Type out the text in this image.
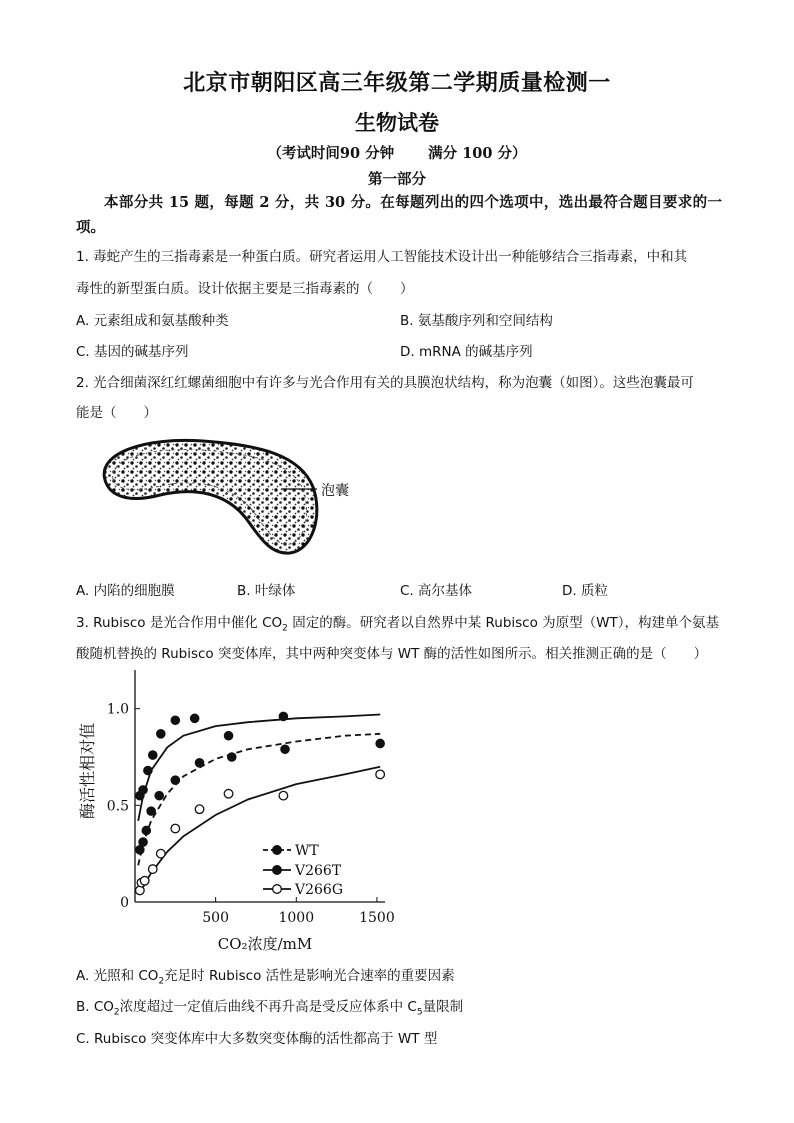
北京市朝阳区高三年级第二学期质量检测一
生物试卷
（考试时间90 分钟 满分 100 分）
第一部分
本部分共 15 题，每题 2 分，共 30 分。在每题列出的四个选项中，选出最符合题目要求的一项。
1. 毒蛇产生的三指毒素是一种蛋白质。研究者运用人工智能技术设计出一种能够结合三指毒素，中和其
毒性的新型蛋白质。设计依据主要是三指毒素的（　　）
A. 元素组成和氨基酸种类	B. 氨基酸序列和空间结构
C. 基因的碱基序列	D. mRNA 的碱基序列
2. 光合细菌深红红螺菌细胞中有许多与光合作用有关的具膜泡状结构，称为泡囊（如图）。这些泡囊最可
能是（　　）
泡囊
A. 内陷的细胞膜	B. 叶绿体	C. 高尔基体	D. 质粒
3. Rubisco 是光合作用中催化 $CO_2$ 固定的酶。研究者以自然界中某 Rubisco 为原型（WT），构建单个氨基
酸随机替换的 Rubisco 突变体库，其中两种突变体与 WT 酶的活性如图所示。相关推测正确的是（　　）
500	1000	1500
0
0.5
1.0
WT
V266T
V266G
酶活性相对值
CO₂浓度/mM
A. 光照和 $CO_2$充足时 Rubisco 活性是影响光合速率的重要因素
B. $CO_2$浓度超过一定值后曲线不再升高是受反应体系中 $C_5$量限制
C. Rubisco 突变体库中大多数突变体酶的活性都高于 WT 型
